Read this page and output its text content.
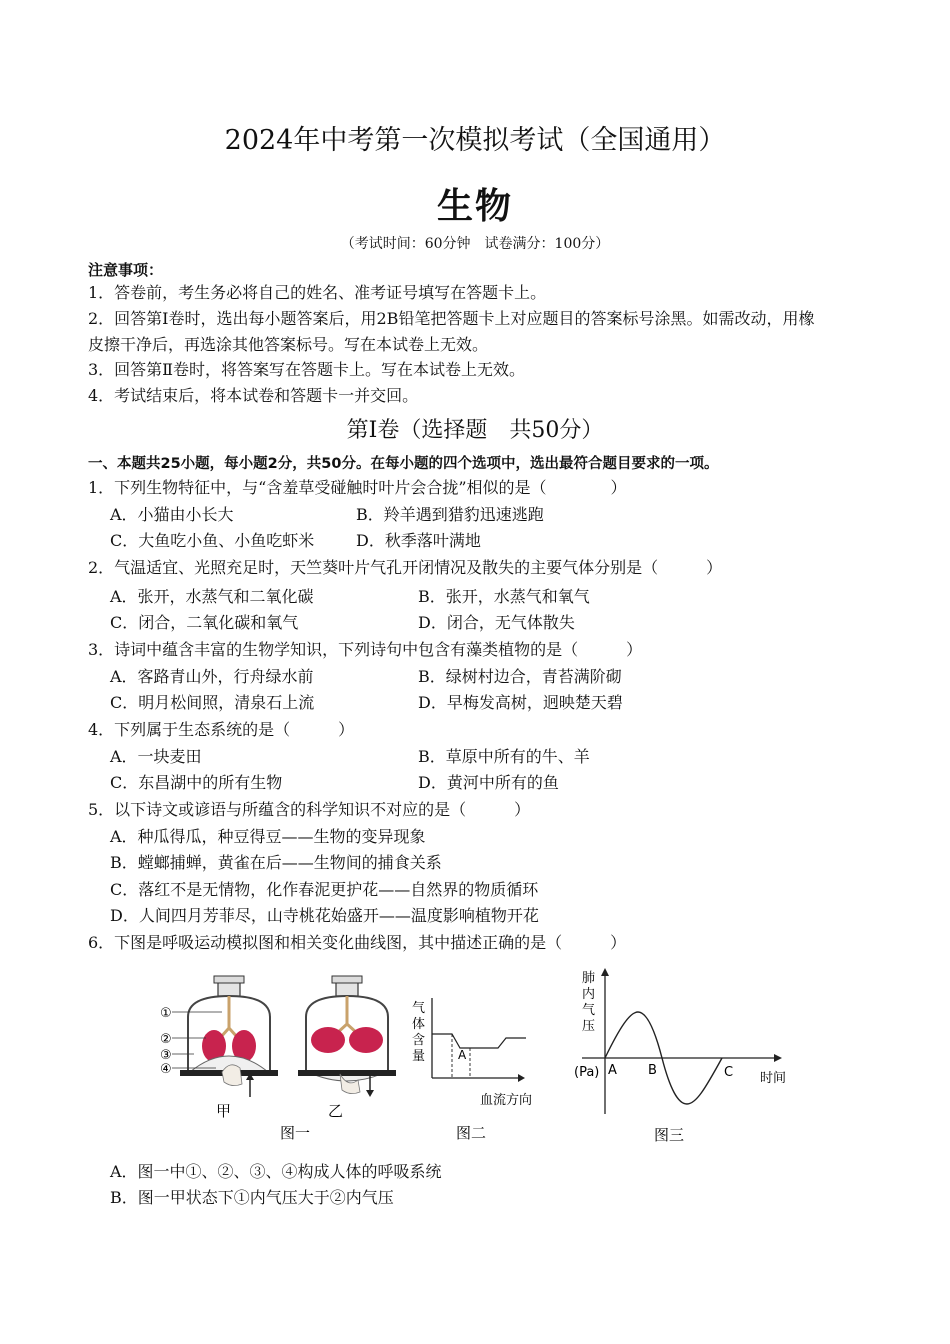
2024年中考第一次模拟考试（全国通用）
生物
（考试时间：60分钟　试卷满分：100分）
注意事项：
1．答卷前，考生务必将自己的姓名、准考证号填写在答题卡上。
2．回答第Ⅰ卷时，选出每小题答案后，用2B铅笔把答题卡上对应题目的答案标号涂黑。如需改动，用橡
皮擦干净后，再选涂其他答案标号。写在本试卷上无效。
3．回答第Ⅱ卷时，将答案写在答题卡上。写在本试卷上无效。
4．考试结束后，将本试卷和答题卡一并交回。
第Ⅰ卷（选择题　共50分）
一、本题共25小题，每小题2分，共50分。在每小题的四个选项中，选出最符合题目要求的一项。
1．下列生物特征中，与“含羞草受碰触时叶片会合拢”相似的是（　　　　）
A．小猫由小长大	B．羚羊遇到猎豹迅速逃跑
C．大鱼吃小鱼、小鱼吃虾米	D．秋季落叶满地
2．气温适宜、光照充足时，天竺葵叶片气孔开闭情况及散失的主要气体分别是（　　　）
A．张开，水蒸气和二氧化碳	B．张开，水蒸气和氧气
C．闭合，二氧化碳和氧气	D．闭合，无气体散失
3．诗词中蕴含丰富的生物学知识，下列诗句中包含有藻类植物的是（　　　）
A．客路青山外，行舟绿水前	B．绿树村边合，青苔满阶砌
C．明月松间照，清泉石上流	D．早梅发高树，迥映楚天碧
4．下列属于生态系统的是（　　　）
A．一块麦田	B．草原中所有的牛、羊
C．东昌湖中的所有生物	D．黄河中所有的鱼
5．以下诗文或谚语与所蕴含的科学知识不对应的是（　　　）
A．种瓜得瓜，种豆得豆——生物的变异现象
B．螳螂捕蝉，黄雀在后——生物间的捕食关系
C．落红不是无情物，化作春泥更护花——自然界的物质循环
D．人间四月芳菲尽，山寺桃花始盛开——温度影响植物开花
6．下图是呼吸运动模拟图和相关变化曲线图，其中描述正确的是（　　　）
①
②
③
④
甲	乙
图一
A
气 体 含 量
血流方向
图二
A B	C
肺 内 气 压
(Pa)	时间
图三
A．图一中①、②、③、④构成人体的呼吸系统
B．图一甲状态下①内气压大于②内气压
